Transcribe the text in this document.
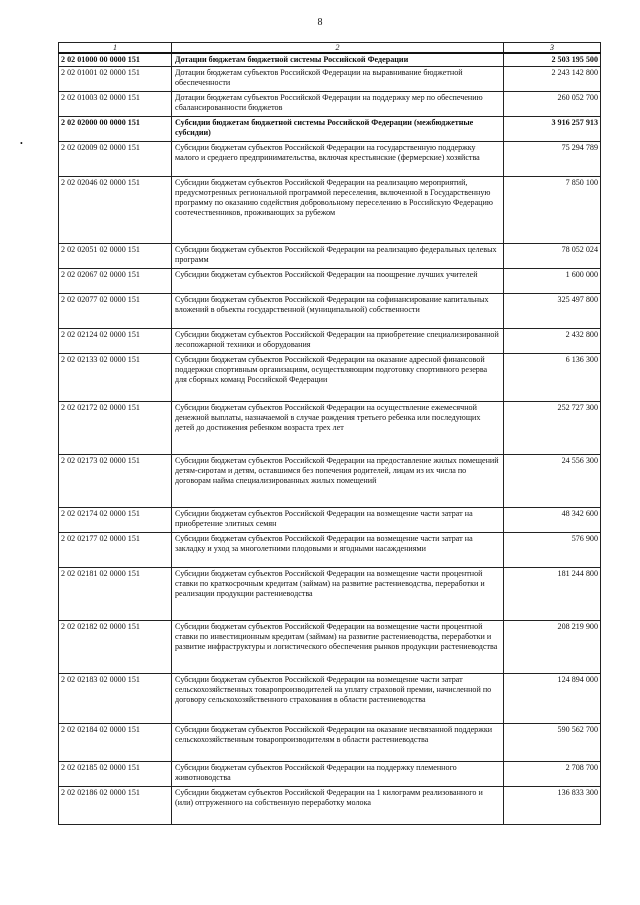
8
•
1	2	3
2 02 01000 00 0000 151	Дотации бюджетам бюджетной системы Российской Федерации	2 503 195 500
2 02 01001 02 0000 151	Дотации бюджетам субъектов Российской Федерации на выравнивание бюджетной обеспеченности	2 243 142 800
2 02 01003 02 0000 151	Дотации бюджетам субъектов Российской Федерации на поддержку мер по обеспечению сбалансированности бюджетов	260 052 700
2 02 02000 00 0000 151	Субсидии бюджетам бюджетной системы Российской Федерации (межбюджетные субсидии)	3 916 257 913
2 02 02009 02 0000 151	Субсидии бюджетам субъектов Российской Федерации на государственную поддержку малого и среднего предпринимательства, включая крестьянские (фермерские) хозяйства	75 294 789
2 02 02046 02 0000 151	Субсидии бюджетам субъектов Российской Федерации на реализацию мероприятий, предусмотренных региональной программой переселения, включенной в Государственную программу по оказанию содействия добровольному переселению в Российскую Федерацию соотечественников, проживающих за рубежом	7 850 100
2 02 02051 02 0000 151	Субсидии бюджетам субъектов Российской Федерации на реализацию федеральных целевых программ	78 052 024
2 02 02067 02 0000 151	Субсидии бюджетам субъектов Российской Федерации на поощрение лучших учителей	1 600 000
2 02 02077 02 0000 151	Субсидии бюджетам субъектов Российской Федерации на софинансирование капитальных вложений в объекты государственной (муниципальной) собственности	325 497 800
2 02 02124 02 0000 151	Субсидии бюджетам субъектов Российской Федерации на приобретение специализированной лесопожарной техники и оборудования	2 432 800
2 02 02133 02 0000 151	Субсидии бюджетам субъектов Российской Федерации на оказание адресной финансовой поддержки спортивным организациям, осуществляющим подготовку спортивного резерва для сборных команд Российской Федерации	6 136 300
2 02 02172 02 0000 151	Субсидии бюджетам субъектов Российской Федерации на осуществление ежемесячной денежной выплаты, назначаемой в случае рождения третьего ребенка или последующих детей до достижения ребенком возраста трех лет	252 727 300
2 02 02173 02 0000 151	Субсидии бюджетам субъектов Российской Федерации на предоставление жилых помещений детям-сиротам и детям, оставшимся без попечения родителей, лицам из их числа по договорам найма специализированных жилых помещений	24 556 300
2 02 02174 02 0000 151	Субсидии бюджетам субъектов Российской Федерации на возмещение части затрат на приобретение элитных семян	48 342 600
2 02 02177 02 0000 151	Субсидии бюджетам субъектов Российской Федерации на возмещение части затрат на закладку и уход за многолетними плодовыми и ягодными насаждениями	576 900
2 02 02181 02 0000 151	Субсидии бюджетам субъектов Российской Федерации на возмещение части процентной ставки по краткосрочным кредитам (займам) на развитие растениеводства, переработки и реализации продукции растениеводства	181 244 800
2 02 02182 02 0000 151	Субсидии бюджетам субъектов Российской Федерации на возмещение части процентной ставки по инвестиционным кредитам (займам) на развитие растениеводства, переработки и развитие инфраструктуры и логистического обеспечения рынков продукции растениеводства	208 219 900
2 02 02183 02 0000 151	Субсидии бюджетам субъектов Российской Федерации на возмещение части затрат сельскохозяйственных товаропроизводителей на уплату страховой премии, начисленной по договору сельскохозяйственного страхования в области растениеводства	124 894 000
2 02 02184 02 0000 151	Субсидии бюджетам субъектов Российской Федерации на оказание несвязанной поддержки сельскохозяйственным товаропроизводителям в области растениеводства	590 562 700
2 02 02185 02 0000 151	Субсидии бюджетам субъектов Российской Федерации на поддержку племенного животноводства	2 708 700
2 02 02186 02 0000 151	Субсидии бюджетам субъектов Российской Федерации на 1 килограмм реализованного и (или) отгруженного на собственную переработку молока	136 833 300
